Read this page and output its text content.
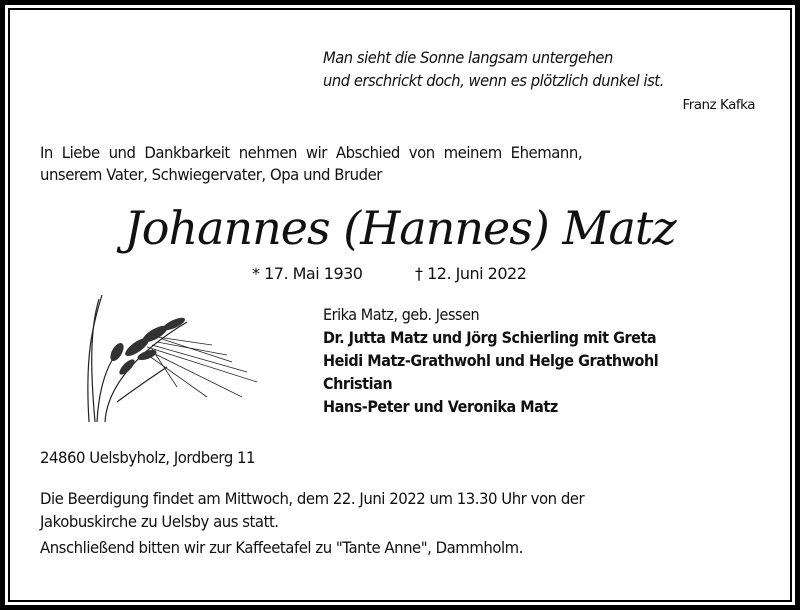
Man sieht die Sonne langsam untergehen
und erschrickt doch, wenn es plötzlich dunkel ist.
Franz Kafka
In Liebe und Dankbarkeit nehmen wir Abschied von meinem Ehemann,
unserem Vater, Schwiegervater, Opa und Bruder
Johannes (Hannes) Matz
* 17. Mai 1930	† 12. Juni 2022
Erika Matz, geb. Jessen
Dr. Jutta Matz und Jörg Schierling mit Greta
Heidi Matz-Grathwohl und Helge Grathwohl
Christian
Hans-Peter und Veronika Matz
24860 Uelsbyholz, Jordberg 11
Die Beerdigung findet am Mittwoch, dem 22. Juni 2022 um 13.30 Uhr von der
Jakobuskirche zu Uelsby aus statt.
Anschließend bitten wir zur Kaffeetafel zu "Tante Anne", Dammholm.
